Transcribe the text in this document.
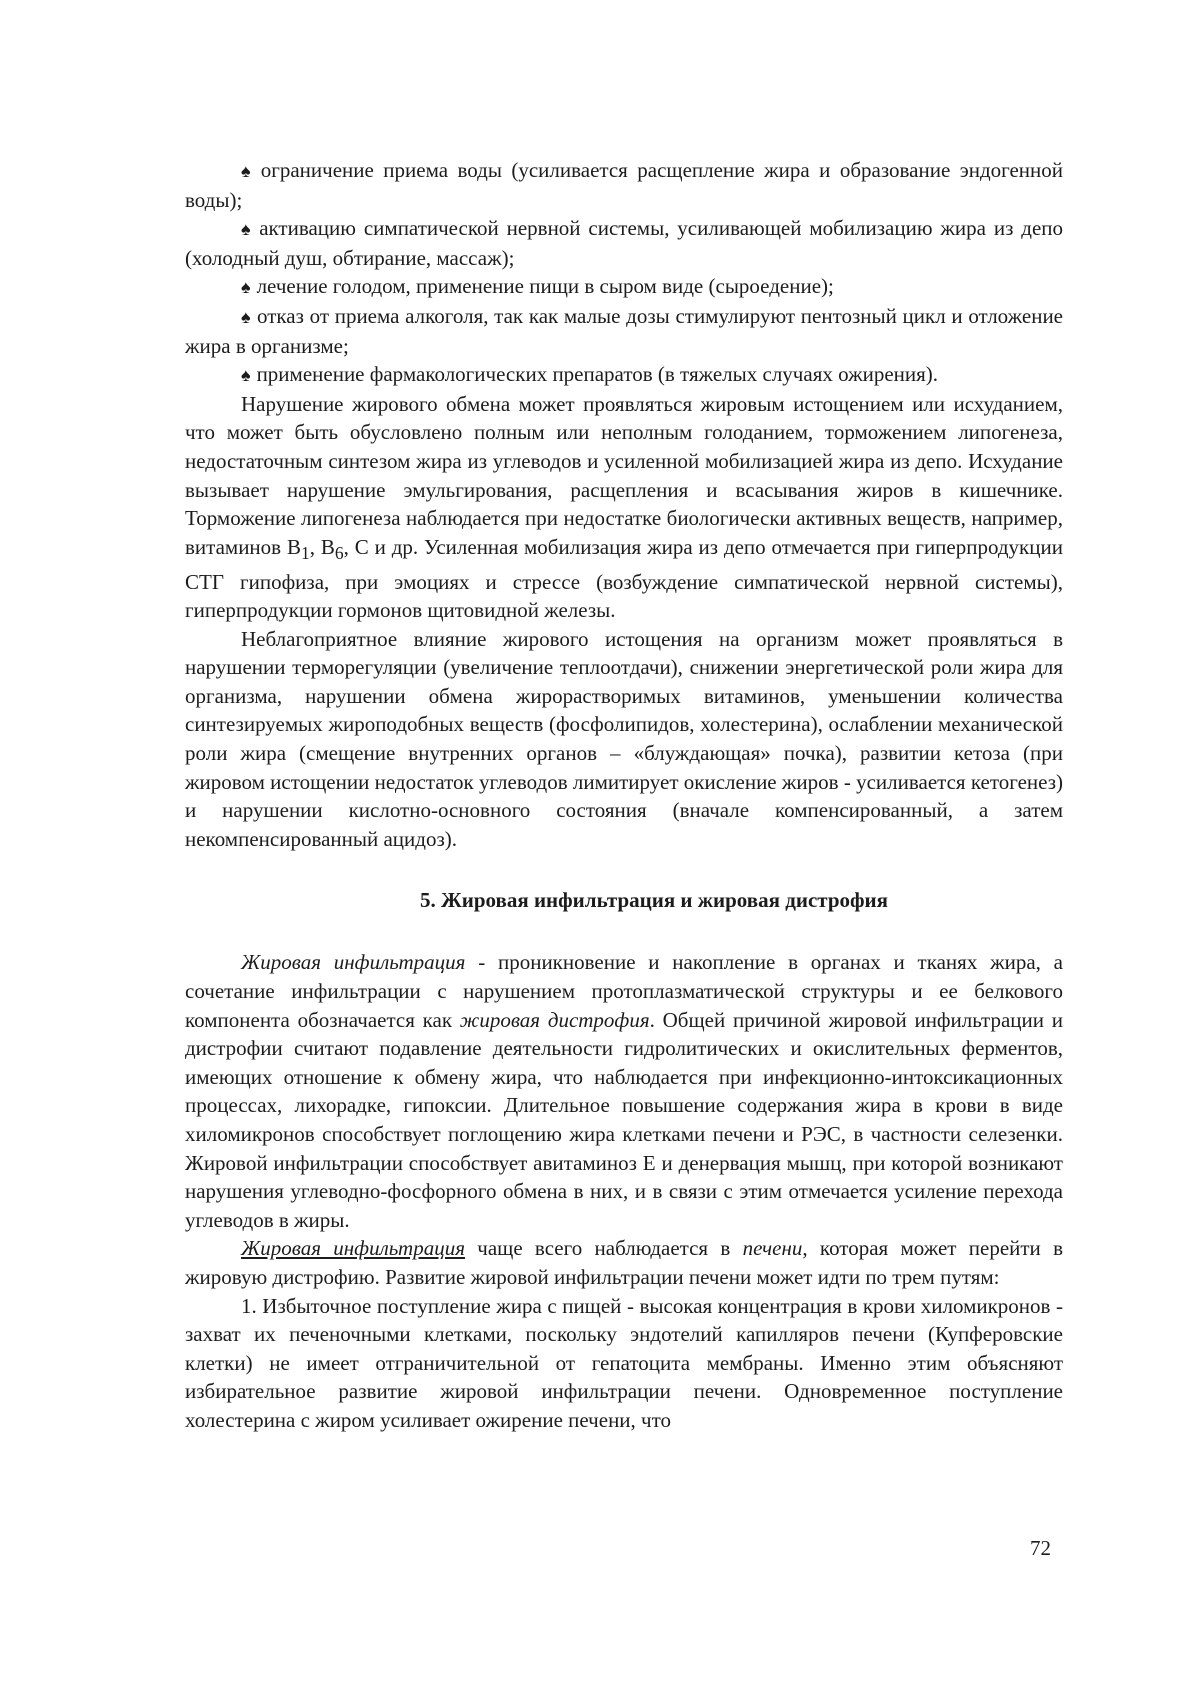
♠ ограничение приема воды (усиливается расщепление жира и образование эндогенной воды);

♠ активацию симпатической нервной системы, усиливающей мобилизацию жира из депо (холодный душ, обтирание, массаж);

♠ лечение голодом, применение пищи в сыром виде (сыроедение);

♠ отказ от приема алкоголя, так как малые дозы стимулируют пентозный цикл и отложение жира в организме;

♠ применение фармакологических препаратов (в тяжелых случаях ожирения).

Нарушение жирового обмена может проявляться жировым истощением или исхуданием, что может быть обусловлено полным или неполным голоданием, торможением липогенеза, недостаточным синтезом жира из углеводов и усиленной мобилизацией жира из депо. Исхудание вызывает нарушение эмульгирования, расщепления и всасывания жиров в кишечнике. Торможение липогенеза наблюдается при недостатке биологически активных веществ, например, витаминов $В_1$, $В_6$, С и др. Усиленная мобилизация жира из депо отмечается при гиперпродукции СТГ гипофиза, при эмоциях и стрессе (возбуждение симпатической нервной системы), гиперпродукции гормонов щитовидной железы.

Неблагоприятное влияние жирового истощения на организм может проявляться в нарушении терморегуляции (увеличение теплоотдачи), снижении энергетической роли жира для организма, нарушении обмена жирорастворимых витаминов, уменьшении количества синтезируемых жироподобных веществ (фосфолипидов, холестерина), ослаблении механической роли жира (смещение внутренних органов – «блуждающая» почка), развитии кетоза (при жировом истощении недостаток углеводов лимитирует окисление жиров - усиливается кетогенез) и нарушении кислотно-основного состояния (вначале компенсированный, а затем некомпенсированный ацидоз).

5. Жировая инфильтрация и жировая дистрофия

Жировая инфильтрация - проникновение и накопление в органах и тканях жира, а сочетание инфильтрации с нарушением протоплазматической структуры и ее белкового компонента обозначается как жировая дистрофия. Общей причиной жировой инфильтрации и дистрофии считают подавление деятельности гидролитических и окислительных ферментов, имеющих отношение к обмену жира, что наблюдается при инфекционно-интоксикационных процессах, лихорадке, гипоксии. Длительное повышение содержания жира в крови в виде хиломикронов способствует поглощению жира клетками печени и РЭС, в частности селезенки. Жировой инфильтрации способствует авитаминоз Е и денервация мышц, при которой возникают нарушения углеводно-фосфорного обмена в них, и в связи с этим отмечается усиление перехода углеводов в жиры.

Жировая инфильтрация чаще всего наблюдается в печени, которая может перейти в жировую дистрофию. Развитие жировой инфильтрации печени может идти по трем путям:

1. Избыточное поступление жира с пищей - высокая концентрация в крови хиломикронов - захват их печеночными клетками, поскольку эндотелий капилляров печени (Купферовские клетки) не имеет отграничительной от гепатоцита мембраны. Именно этим объясняют избирательное развитие жировой инфильтрации печени. Одновременное поступление холестерина с жиром усиливает ожирение печени, что

72
